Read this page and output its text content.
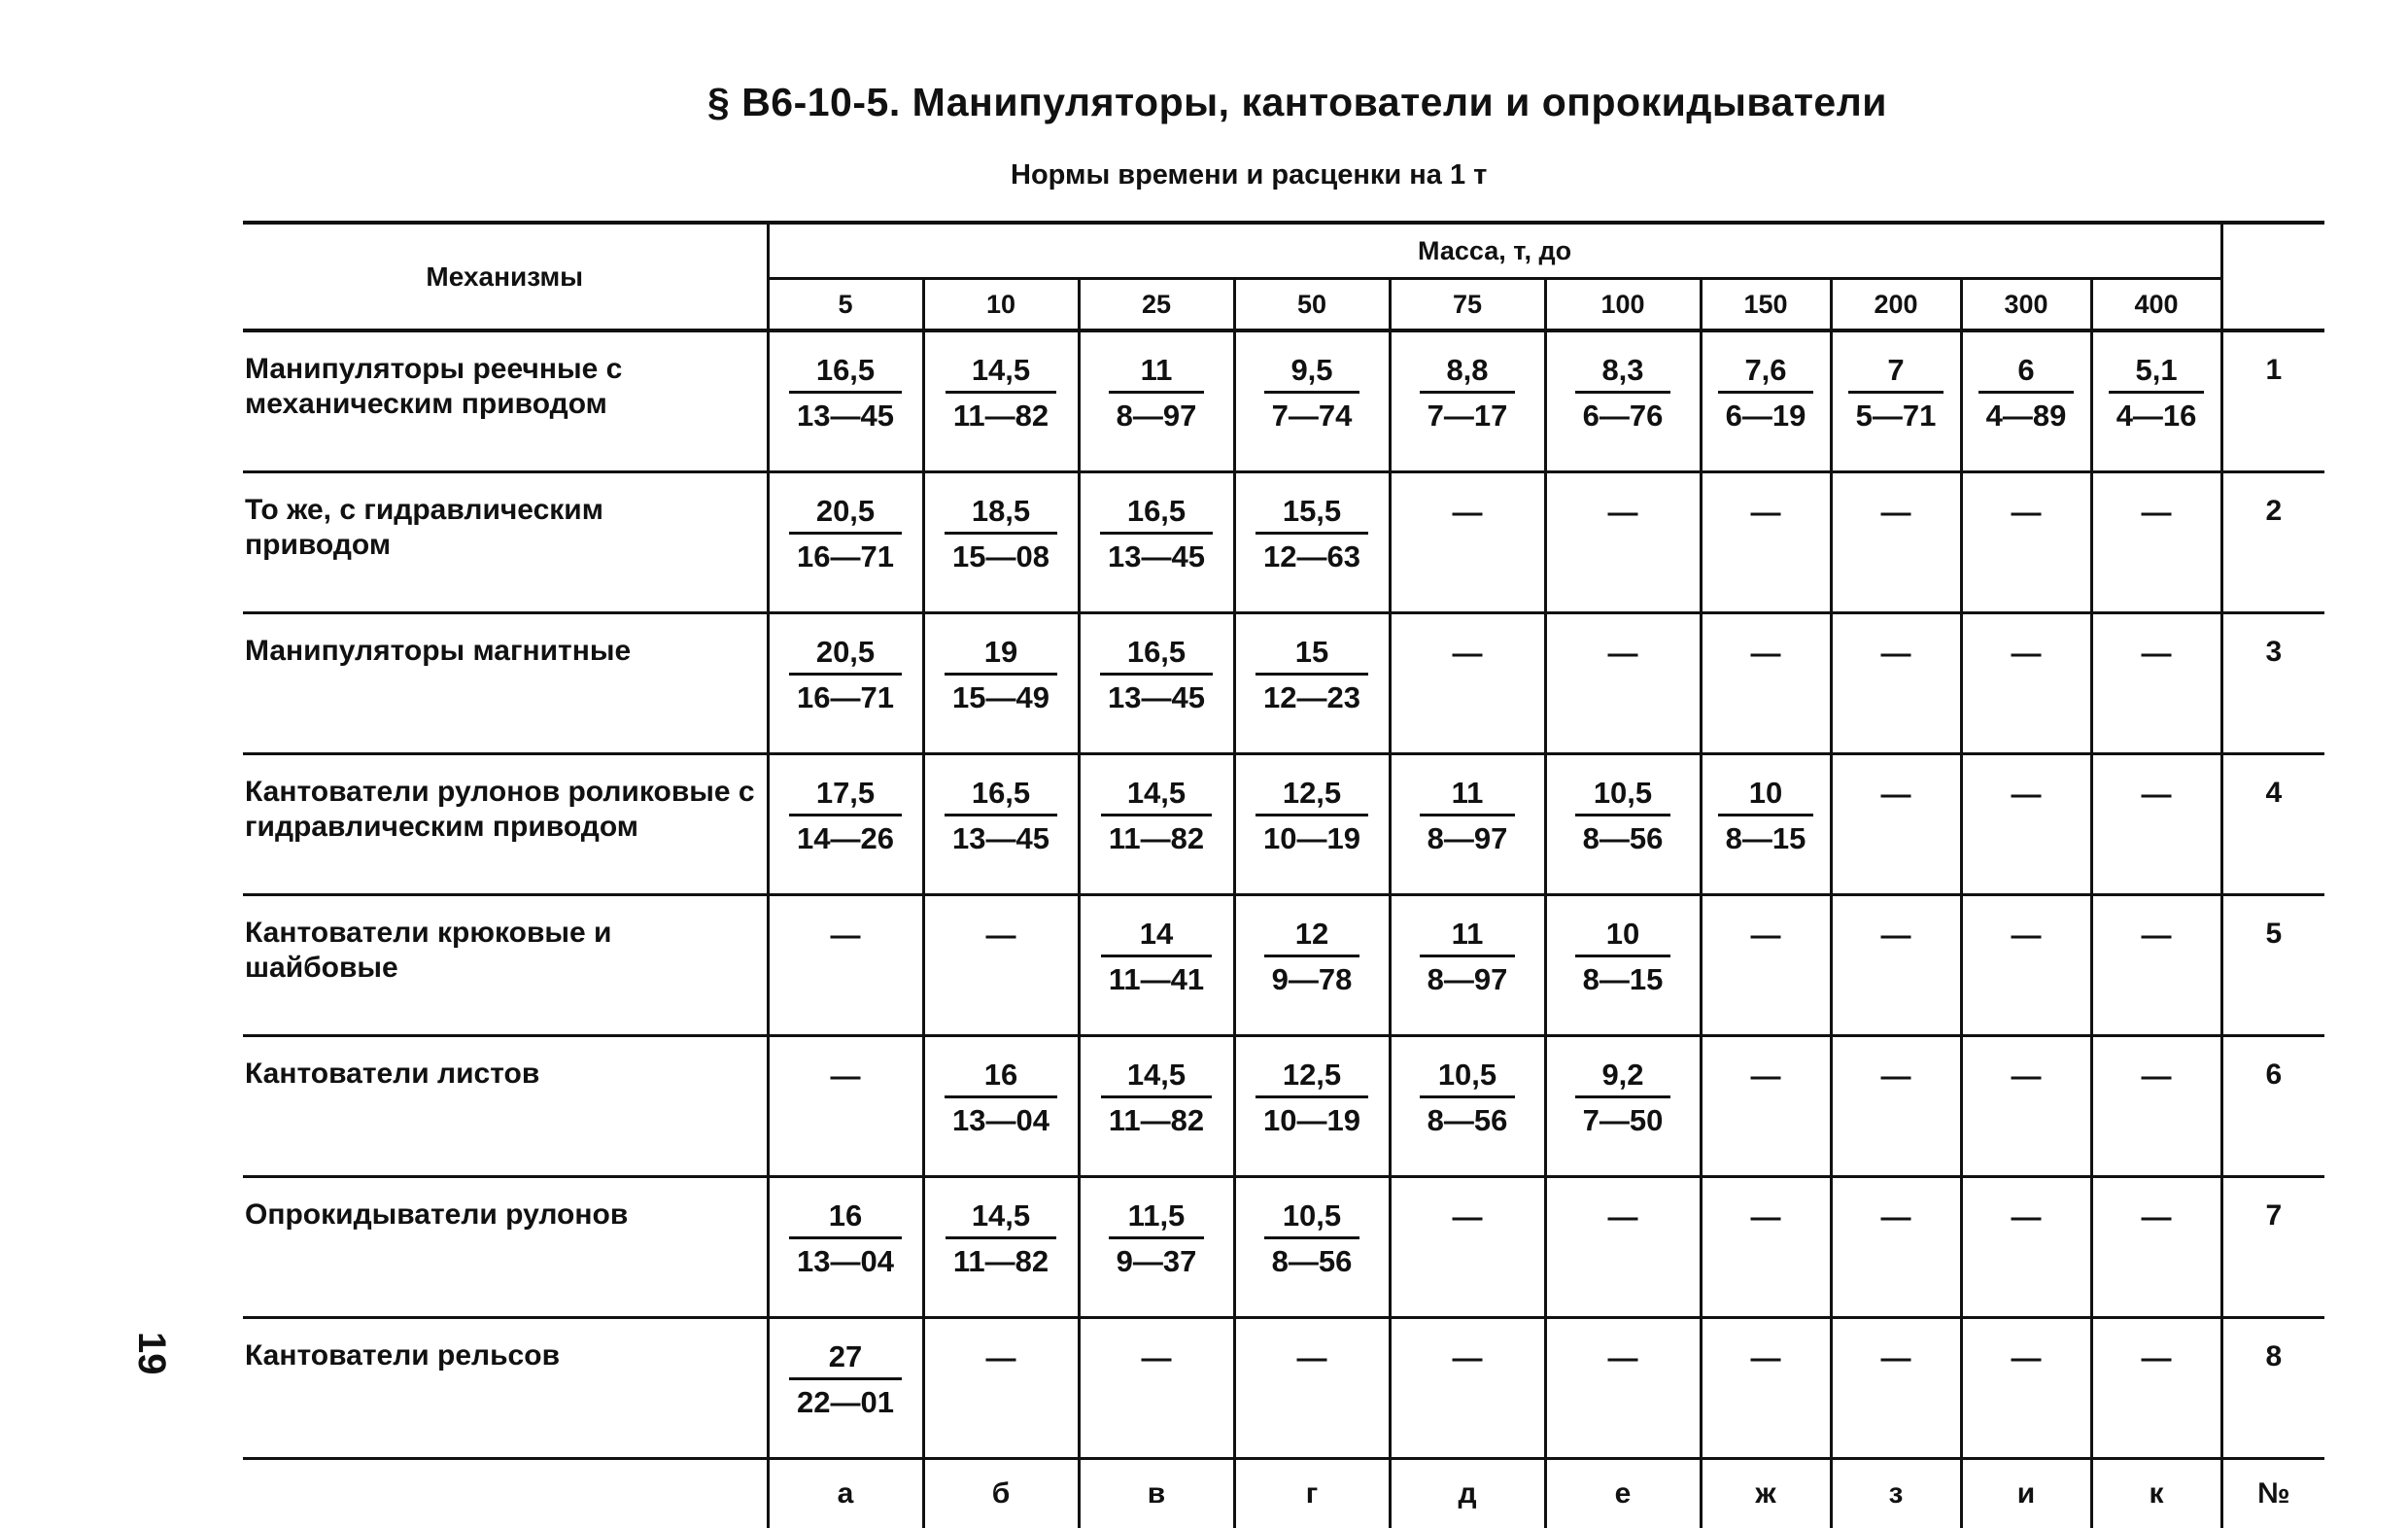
§ В6-10-5. Манипуляторы, кантователи и опрокидыватели
Нормы времени и расценки на 1 т
Механизмы	Масса, т, до										
	5	10	25	50	75	100	150	200	300	400	
Манипуляторы реечные с механическим приводом	$\frac{16,5}{13—45}$	$\frac{14,5}{11—82}$	$\frac{11}{8—97}$	$\frac{9,5}{7—74}$	$\frac{8,8}{7—17}$	$\frac{8,3}{6—76}$	$\frac{7,6}{6—19}$	$\frac{7}{5—71}$	$\frac{6}{4—89}$	$\frac{5,1}{4—16}$	1
То же, с гидравлическим приводом	$\frac{20,5}{16—71}$	$\frac{18,5}{15—08}$	$\frac{16,5}{13—45}$	$\frac{15,5}{12—63}$	—	—	—	—	—	—	2
Манипуляторы магнитные	$\frac{20,5}{16—71}$	$\frac{19}{15—49}$	$\frac{16,5}{13—45}$	$\frac{15}{12—23}$	—	—	—	—	—	—	3
Кантователи рулонов роликовые с гидравлическим приводом	$\frac{17,5}{14—26}$	$\frac{16,5}{13—45}$	$\frac{14,5}{11—82}$	$\frac{12,5}{10—19}$	$\frac{11}{8—97}$	$\frac{10,5}{8—56}$	$\frac{10}{8—15}$	—	—	—	4
Кантователи крюковые и шайбовые	—	—	$\frac{14}{11—41}$	$\frac{12}{9—78}$	$\frac{11}{8—97}$	$\frac{10}{8—15}$	—	—	—	—	5
Кантователи листов	—	$\frac{16}{13—04}$	$\frac{14,5}{11—82}$	$\frac{12,5}{10—19}$	$\frac{10,5}{8—56}$	$\frac{9,2}{7—50}$	—	—	—	—	6
Опрокидыватели рулонов	$\frac{16}{13—04}$	$\frac{14,5}{11—82}$	$\frac{11,5}{9—37}$	$\frac{10,5}{8—56}$	—	—	—	—	—	—	7
Кантователи рельсов	$\frac{27}{22—01}$	—	—	—	—	—	—	—	—	—	8
	а	б	в	г	д	е	ж	з	и	к	№
19
